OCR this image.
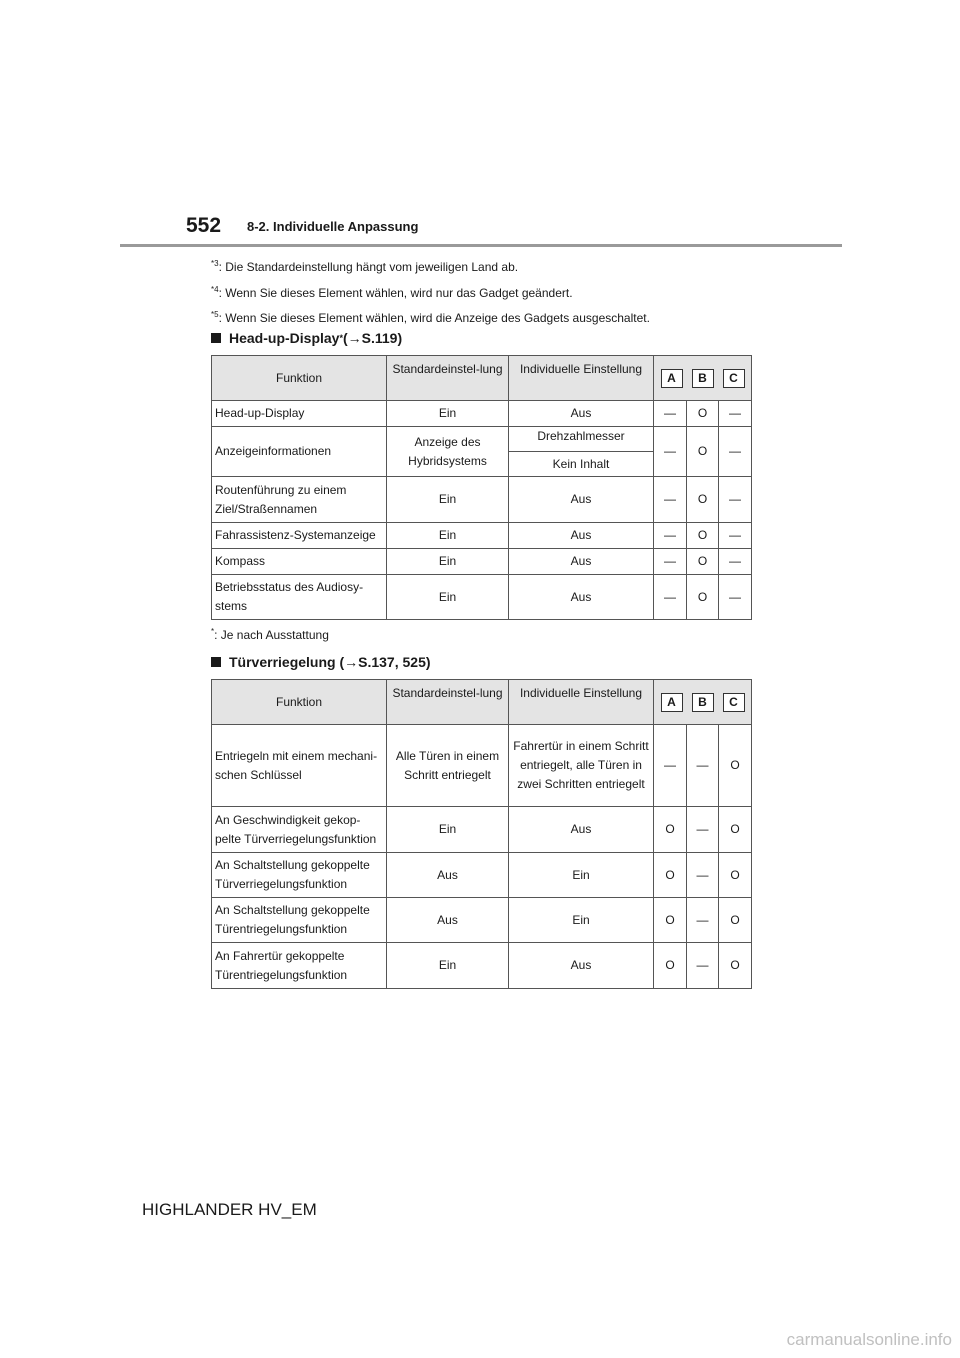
552 8-2. Individuelle Anpassung
$^{*3}$: Die Standardeinstellung hängt vom jeweiligen Land ab.
$^{*4}$: Wenn Sie dieses Element wählen, wird nur das Gadget geändert.
$^{*5}$: Wenn Sie dieses Element wählen, wird die Anzeige des Gadgets ausgeschaltet.
Head-up-Display * (→S.119)
Funktion	Standardeinstel-lung	Individuelle Einstellung	A B C		

Head-up-Display	Ein	Aus	—	O	—
Anzeigeinformationen	Anzeige des Hybridsystems	Drehzahlmesser	—	O	—
		Kein Inhalt			
Routenführung zu einem Ziel/Straßennamen	Ein	Aus	—	O	—
Fahrassistenz-Systemanzeige	Ein	Aus	—	O	—
Kompass	Ein	Aus	—	O	—
Betriebsstatus des Audiosy-stems	Ein	Aus	—	O	—
*: Je nach Ausstattung
Türverriegelung (→S.137, 525)
Funktion	Standardeinstel-lung	Individuelle Einstellung	A B C		

Entriegeln mit einem mechani-schen Schlüssel	Alle Türen in einem Schritt entriegelt	Fahrertür in einem Schritt entriegelt, alle Türen in zwei Schritten entriegelt	—	—	O
An Geschwindigkeit gekop-pelte Türverriegelungsfunktion	Ein	Aus	O	—	O
An Schaltstellung gekoppelte Türverriegelungsfunktion	Aus	Ein	O	—	O
An Schaltstellung gekoppelte Türentriegelungsfunktion	Aus	Ein	O	—	O
An Fahrertür gekoppelte Türentriegelungsfunktion	Ein	Aus	O	—	O
HIGHLANDER HV_EM
carmanualsonline.info
